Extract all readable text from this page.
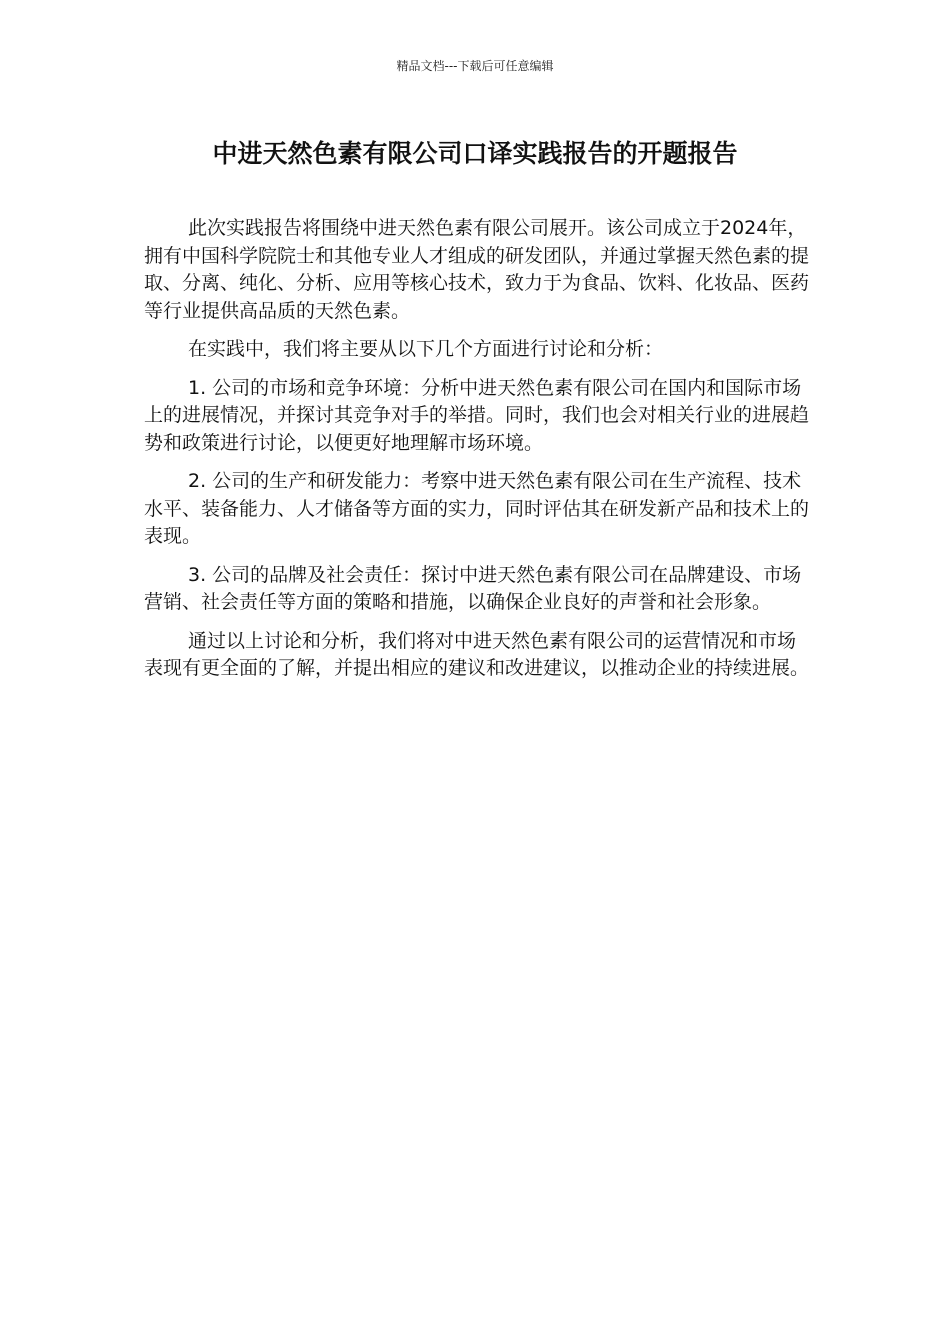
精品文档---下载后可任意编辑
中进天然色素有限公司口译实践报告的开题报告

此次实践报告将围绕中进天然色素有限公司展开。该公司成立于2024年，拥有中国科学院院士和其他专业人才组成的研发团队，并通过掌握天然色素的提取、分离、纯化、分析、应用等核心技术，致力于为食品、饮料、化妆品、医药等行业提供高品质的天然色素。

在实践中，我们将主要从以下几个方面进行讨论和分析：

1. 公司的市场和竞争环境：分析中进天然色素有限公司在国内和国际市场上的进展情况，并探讨其竞争对手的举措。同时，我们也会对相关行业的进展趋势和政策进行讨论，以便更好地理解市场环境。

2. 公司的生产和研发能力：考察中进天然色素有限公司在生产流程、技术水平、装备能力、人才储备等方面的实力，同时评估其在研发新产品和技术上的表现。

3. 公司的品牌及社会责任：探讨中进天然色素有限公司在品牌建设、市场营销、社会责任等方面的策略和措施，以确保企业良好的声誉和社会形象。

通过以上讨论和分析，我们将对中进天然色素有限公司的运营情况和市场表现有更全面的了解，并提出相应的建议和改进建议，以推动企业的持续进展。
